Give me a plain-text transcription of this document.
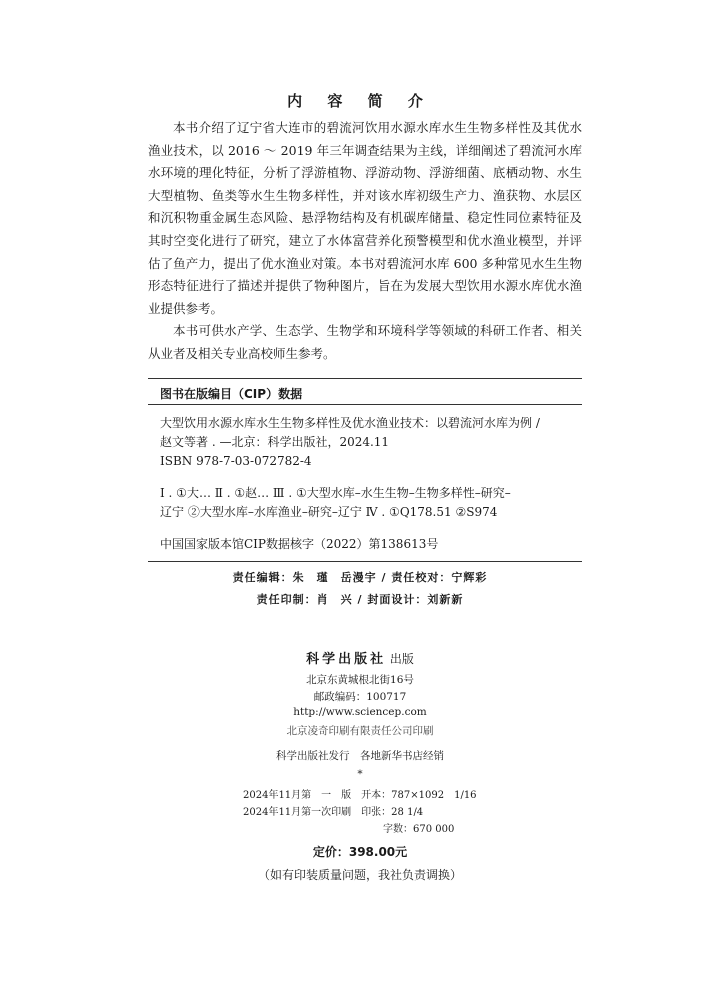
内 容 简 介

本书介绍了辽宁省大连市的碧流河饮用水源水库水生生物多样性及其优水渔业技术，以 2016 ～ 2019 年三年调查结果为主线，详细阐述了碧流河水库水环境的理化特征，分析了浮游植物、浮游动物、浮游细菌、底栖动物、水生大型植物、鱼类等水生生物多样性，并对该水库初级生产力、渔获物、水层区和沉积物重金属生态风险、悬浮物结构及有机碳库储量、稳定性同位素特征及其时空变化进行了研究，建立了水体富营养化预警模型和优水渔业模型，并评估了鱼产力，提出了优水渔业对策。本书对碧流河水库 600 多种常见水生生物形态特征进行了描述并提供了物种图片，旨在为发展大型饮用水源水库优水渔业提供参考。

本书可供水产学、生态学、生物学和环境科学等领域的科研工作者、相关从业者及相关专业高校师生参考。

图书在版编目（CIP）数据
大型饮用水源水库水生生物多样性及优水渔业技术：以碧流河水库为例 /
赵文等著 . —北京：科学出版社，2024.11
ISBN 978-7-03-072782-4
Ⅰ . ①大… Ⅱ . ①赵… Ⅲ . ①大型水库–水生生物–生物多样性–研究–
辽宁 ②大型水库–水库渔业–研究–辽宁 Ⅳ . ①Q178.51 ②S974
中国国家版本馆CIP数据核字（2022）第138613号
责任编辑：朱　瑾　岳漫宇 / 责任校对：宁辉彩
责任印制：肖　兴 / 封面设计：刘新新
科学出版社 出版
北京东黄城根北街16号
邮政编码：100717
http://www.sciencep.com
北京凌奇印刷有限责任公司印刷
科学出版社发行　各地新华书店经销
*
2024年11月第　一　版　开本：787×1092　1/16
2024年11月第一次印刷　印张：28 1/4
字数：670 000
定价：398.00元
（如有印装质量问题，我社负责调换）
